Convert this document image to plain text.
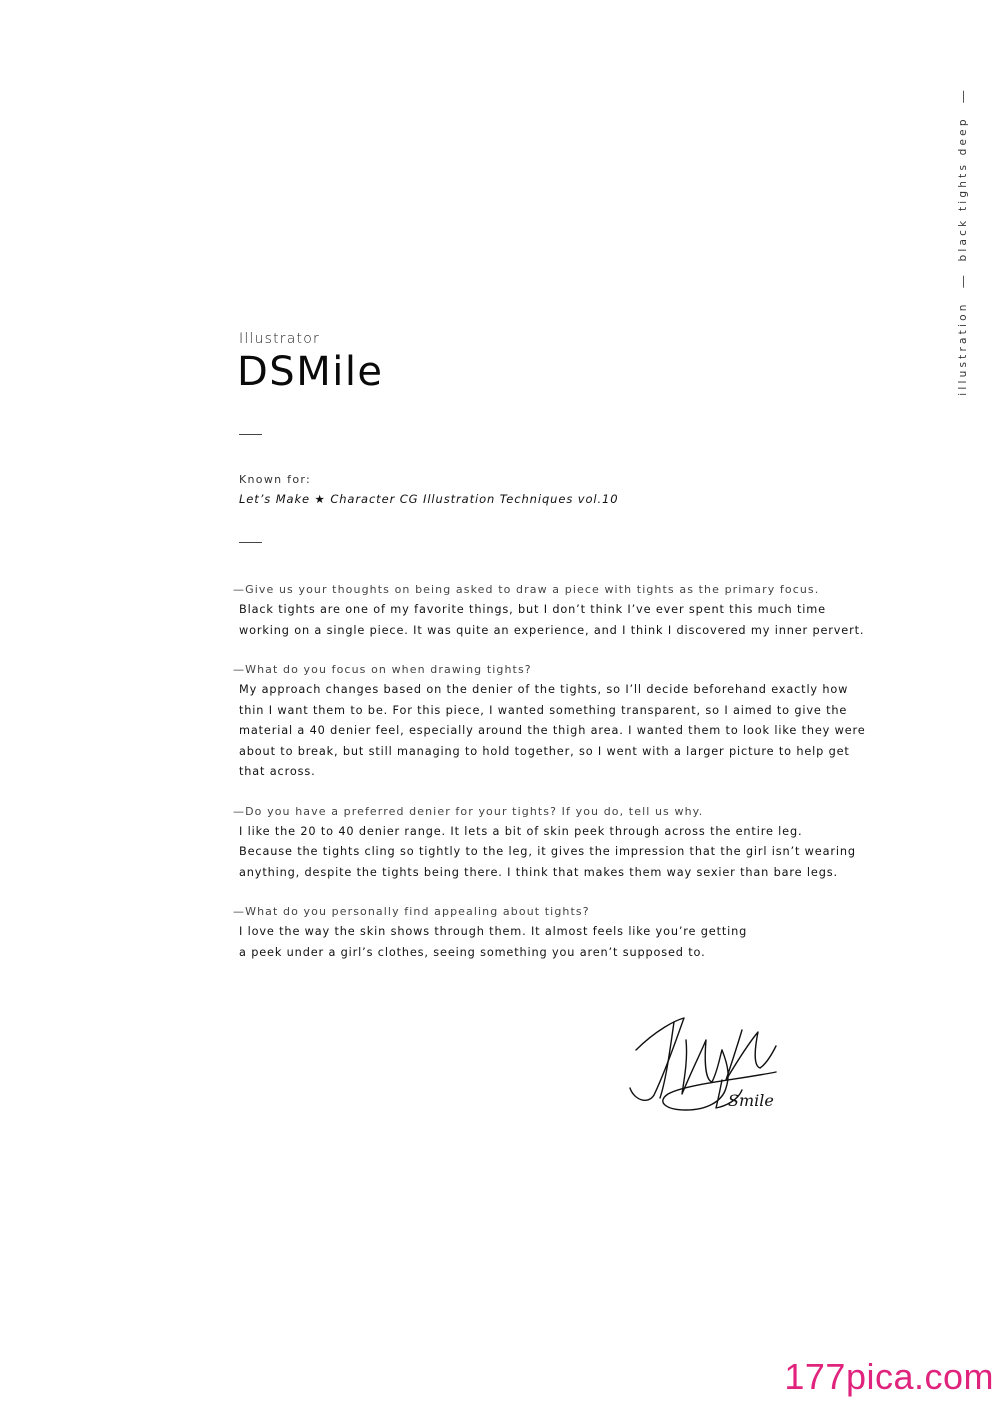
Illustrator
DSMile
Known for:
Let’s Make ★ Character CG Illustration Techniques vol.10
—Give us your thoughts on being asked to draw a piece with tights as the primary focus.
Black tights are one of my favorite things, but I don’t think I’ve ever spent this much time
working on a single piece. It was quite an experience, and I think I discovered my inner pervert.
—What do you focus on when drawing tights?
My approach changes based on the denier of the tights, so I’ll decide beforehand exactly how
thin I want them to be. For this piece, I wanted something transparent, so I aimed to give the
material a 40 denier feel, especially around the thigh area. I wanted them to look like they were
about to break, but still managing to hold together, so I went with a larger picture to help get
that across.
—Do you have a preferred denier for your tights? If you do, tell us why.
I like the 20 to 40 denier range. It lets a bit of skin peek through across the entire leg.
Because the tights cling so tightly to the leg, it gives the impression that the girl isn’t wearing
anything, despite the tights being there. I think that makes them way sexier than bare legs.
—What do you personally find appealing about tights?
I love the way the skin shows through them. It almost feels like you’re getting
a peek under a girl’s clothes, seeing something you aren’t supposed to.
illustration
black tights deep
Smile
177pica.com
